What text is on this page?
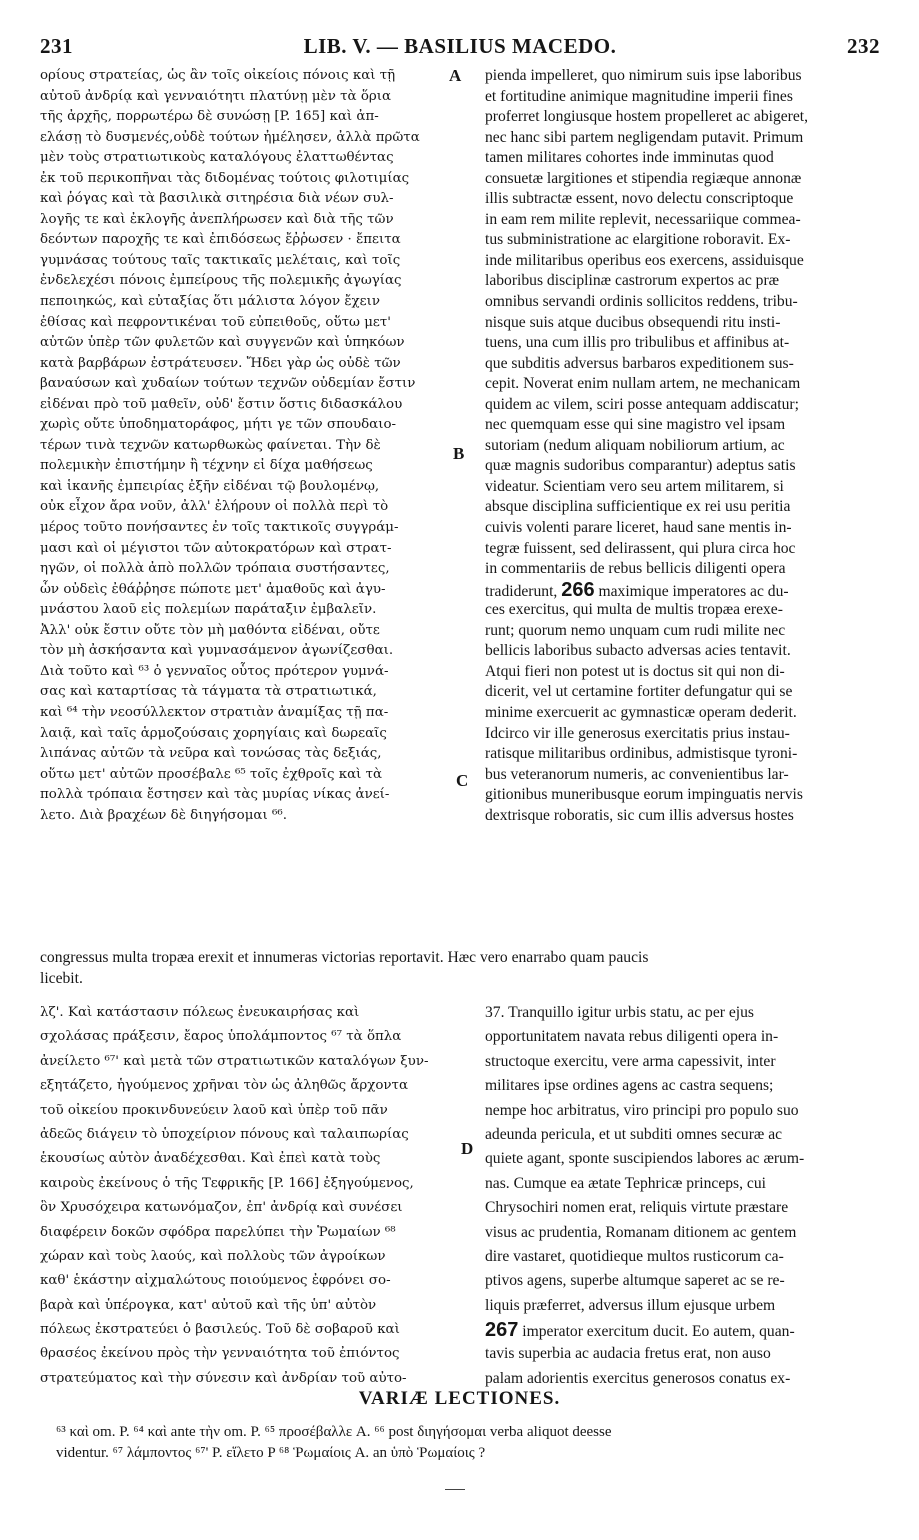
231	LIB. V. — BASILIUS MACEDO.	232
A
B
C
D
ορίους στρατείας, ὡς ἂν τοῖς οἰκείοις πόνοις καὶ τῇ
αὐτοῦ ἀνδρίᾳ καὶ γενναιότητι πλατύνῃ μὲν τὰ ὅρια
τῆς ἀρχῆς, πορρωτέρω δὲ συνώσῃ [P. 165] καὶ ἀπ-
ελάσῃ τὸ δυσμενές,οὐδὲ τούτων ἠμέλησεν, ἀλλὰ πρῶτα
μὲν τοὺς στρατιωτικοὺς καταλόγους ἐλαττωθέντας
ἐκ τοῦ περικοπῆναι τὰς διδομένας τούτοις φιλοτιμίας
καὶ ῥόγας καὶ τὰ βασιλικὰ σιτηρέσια διὰ νέων συλ-
λογῆς τε καὶ ἐκλογῆς ἀνεπλήρωσεν καὶ διὰ τῆς τῶν
δεόντων παροχῆς τε καὶ ἐπιδόσεως ἔῤῥωσεν · ἔπειτα
γυμνάσας τούτους ταῖς τακτικαῖς μελέταις, καὶ τοῖς
ἐνδελεχέσι πόνοις ἐμπείρους τῆς πολεμικῆς ἀγωγίας
πεποιηκώς, καὶ εὐταξίας ὅτι μάλιστα λόγον ἔχειν
ἐθίσας καὶ πεφροντικέναι τοῦ εὐπειθοῦς, οὕτω μετ'
αὐτῶν ὑπὲρ τῶν φυλετῶν καὶ συγγενῶν καὶ ὑπηκόων
κατὰ βαρβάρων ἐστράτευσεν. Ἤδει γὰρ ὡς οὐδὲ τῶν
βαναύσων καὶ χυδαίων τούτων τεχνῶν οὐδεμίαν ἔστιν
εἰδέναι πρὸ τοῦ μαθεῖν, οὐδ' ἔστιν ὅστις διδασκάλου
χωρὶς οὔτε ὑποδηματοράφος, μήτι γε τῶν σπουδαιο-
τέρων τινὰ τεχνῶν κατωρθωκὼς φαίνεται. Τὴν δὲ
πολεμικὴν ἐπιστήμην ἢ τέχνην εἰ δίχα μαθήσεως
καὶ ἱκανῆς ἐμπειρίας ἐξῆν εἰδέναι τῷ βουλομένῳ,
οὐκ εἶχον ἄρα νοῦν, ἀλλ' ἐλήρουν οἱ πολλὰ περὶ τὸ
μέρος τοῦτο πονήσαντες ἐν τοῖς τακτικοῖς συγγράμ-
μασι καὶ οἱ μέγιστοι τῶν αὐτοκρατόρων καὶ στρατ-
ηγῶν, οἱ πολλὰ ἀπὸ πολλῶν τρόπαια συστήσαντες,
ὧν οὐδεὶς ἐθάῤῥησε πώποτε μετ' ἀμαθοῦς καὶ ἀγυ-
μνάστου λαοῦ εἰς πολεμίων παράταξιν ἐμβαλεῖν.
Ἀλλ' οὐκ ἔστιν οὔτε τὸν μὴ μαθόντα εἰδέναι, οὔτε
τὸν μὴ ἀσκήσαντα καὶ γυμνασάμενον ἀγωνίζεσθαι.
Διὰ τοῦτο καὶ ⁶³ ὁ γενναῖος οὗτος πρότερον γυμνά-
σας καὶ καταρτίσας τὰ τάγματα τὰ στρατιωτικά,
καὶ ⁶⁴ τὴν νεοσύλλεκτον στρατιὰν ἀναμίξας τῇ πα-
λαιᾷ, καὶ ταῖς ἁρμοζούσαις χορηγίαις καὶ δωρεαῖς
λιπάνας αὐτῶν τὰ νεῦρα καὶ τονώσας τὰς δεξιάς,
οὕτω μετ' αὐτῶν προσέβαλε ⁶⁵ τοῖς ἐχθροῖς καὶ τὰ
πολλὰ τρόπαια ἔστησεν καὶ τὰς μυρίας νίκας ἀνεί-
λετο. Διὰ βραχέων δὲ διηγήσομαι ⁶⁶.
pienda impelleret, quo nimirum suis ipse laboribus
et fortitudine animique magnitudine imperii fines
proferret longiusque hostem propelleret ac abigeret,
nec hanc sibi partem negligendam putavit. Primum
tamen militares cohortes inde imminutas quod
consuetæ largitiones et stipendia regiæque annonæ
illis subtractæ essent, novo delectu conscriptoque
in eam rem milite replevit, necessariique commea-
tus subministratione ac elargitione roboravit. Ex-
inde militaribus operibus eos exercens, assiduisque
laboribus disciplinæ castrorum expertos ac præ
omnibus servandi ordinis sollicitos reddens, tribu-
nisque suis atque ducibus obsequendi ritu insti-
tuens, una cum illis pro tribulibus et affinibus at-
que subditis adversus barbaros expeditionem sus-
cepit. Noverat enim nullam artem, ne mechanicam
quidem ac vilem, sciri posse antequam addiscatur;
nec quemquam esse qui sine magistro vel ipsam
sutoriam (nedum aliquam nobiliorum artium, ac
quæ magnis sudoribus comparantur) adeptus satis
videatur. Scientiam vero seu artem militarem, si
absque disciplina sufficientique ex rei usu peritia
cuivis volenti parare liceret, haud sane mentis in-
tegræ fuissent, sed delirassent, qui plura circa hoc
in commentariis de rebus bellicis diligenti opera
tradiderunt, 266 maximique imperatores ac du-
ces exercitus, qui multa de multis tropæa erexe-
runt; quorum nemo unquam cum rudi milite nec
bellicis laboribus subacto adversas acies tentavit.
Atqui fieri non potest ut is doctus sit qui non di-
dicerit, vel ut certamine fortiter defungatur qui se
minime exercuerit ac gymnasticæ operam dederit.
Idcirco vir ille generosus exercitatis prius instau-
ratisque militaribus ordinibus, admistisque tyroni-
bus veteranorum numeris, ac convenientibus lar-
gitionibus muneribusque eorum impinguatis nervis
dextrisque roboratis, sic cum illis adversus hostes
congressus multa tropæa erexit et innumeras victorias reportavit. Hæc vero enarrabo quam paucis
licebit.
λζ'. Καὶ κατάστασιν πόλεως ἐνευκαιρήσας καὶ
σχολάσας πράξεσιν, ἔαρος ὑπολάμποντος ⁶⁷ τὰ ὅπλα
ἀνείλετο ⁶⁷' καὶ μετὰ τῶν στρατιωτικῶν καταλόγων ξυν-
εξητάζετο, ἡγούμενος χρῆναι τὸν ὡς ἀληθῶς ἄρχοντα
τοῦ οἰκείου προκινδυνεύειν λαοῦ καὶ ὑπὲρ τοῦ πᾶν
ἀδεῶς διάγειν τὸ ὑποχείριον πόνους καὶ ταλαιπωρίας
ἑκουσίως αὐτὸν ἀναδέχεσθαι. Καὶ ἐπεὶ κατὰ τοὺς
καιροὺς ἐκείνους ὁ τῆς Τεφρικῆς [P. 166] ἐξηγούμενος,
ὃν Χρυσόχειρα κατωνόμαζον, ἐπ' ἀνδρίᾳ καὶ συνέσει
διαφέρειν δοκῶν σφόδρα παρελύπει τὴν Ῥωμαίων ⁶⁸
χώραν καὶ τοὺς λαούς, καὶ πολλοὺς τῶν ἀγροίκων
καθ' ἑκάστην αἰχμαλώτους ποιούμενος ἐφρόνει σο-
βαρὰ καὶ ὑπέρογκα, κατ' αὐτοῦ καὶ τῆς ὑπ' αὐτὸν
πόλεως ἐκστρατεύει ὁ βασιλεύς. Τοῦ δὲ σοβαροῦ καὶ
θρασέος ἐκείνου πρὸς τὴν γενναιότητα τοῦ ἐπιόντος
στρατεύματος καὶ τὴν σύνεσιν καὶ ἀνδρίαν τοῦ αὐτο-
37. Tranquillo igitur urbis statu, ac per ejus
opportunitatem navata rebus diligenti opera in-
structoque exercitu, vere arma capessivit, inter
militares ipse ordines agens ac castra sequens;
nempe hoc arbitratus, viro principi pro populo suo
adeunda pericula, et ut subditi omnes securæ ac
quiete agant, sponte suscipiendos labores ac ærum-
nas. Cumque ea ætate Tephricæ princeps, cui
Chrysochiri nomen erat, reliquis virtute præstare
visus ac prudentia, Romanam ditionem ac gentem
dire vastaret, quotidieque multos rusticorum ca-
ptivos agens, superbe altumque saperet ac se re-
liquis præferret, adversus illum ejusque urbem
267 imperator exercitum ducit. Eo autem, quan-
tavis superbia ac audacia fretus erat, non auso
palam adorientis exercitus generosos conatus ex-
VARIÆ LECTIONES.
⁶³ καὶ om. P. ⁶⁴ καὶ ante τὴν om. P. ⁶⁵ προσέβαλλε A. ⁶⁶ post διηγήσομαι verba aliquot deesse
videntur. ⁶⁷ λάμποντος ⁶⁷' P. εἵλετο P ⁶⁸ Ῥωμαίοις A. an ὑπὸ Ῥωμαίοις ?
